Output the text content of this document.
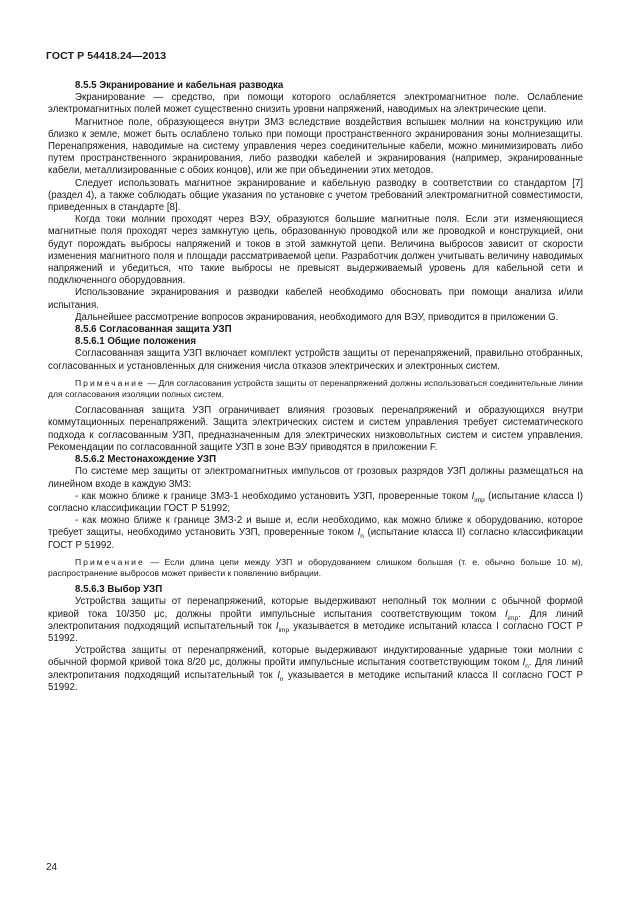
ГОСТ Р 54418.24—2013

8.5.5 Экранирование и кабельная разводка

Экранирование — средство, при помощи которого ослабляется электромагнитное поле. Ослабление электромагнитных полей может существенно снизить уровни напряжений, наводимых на электрические цепи.

Магнитное поле, образующееся внутри ЗМЗ вследствие воздействия вспышек молнии на конструкцию или близко к земле, может быть ослаблено только при помощи пространственного экранирования зоны молниезащиты. Перенапряжения, наводимые на систему управления через соединительные кабели, можно минимизировать либо путем пространственного экранирования, либо разводки кабелей и экранирования (например, экранированные кабели, металлизированные с обоих концов), или же при объединении этих методов.

Следует использовать магнитное экранирование и кабельную разводку в соответствии со стандартом [7] (раздел 4), а также соблюдать общие указания по установке с учетом требований электромагнитной совместимости, приведенных в стандарте [8].

Когда токи молнии проходят через ВЭУ, образуются большие магнитные поля. Если эти изменяющиеся магнитные поля проходят через замкнутую цепь, образованную проводкой или же проводкой и конструкцией, они будут порождать выбросы напряжений и токов в этой замкнутой цепи. Величина выбросов зависит от скорости изменения магнитного поля и площади рассматриваемой цепи. Разработчик должен учитывать величину наводимых напряжений и убедиться, что такие выбросы не превысят выдерживаемый уровень для кабельной сети и подключенного оборудования.

Использование экранирования и разводки кабелей необходимо обосновать при помощи анализа и/или испытания.

Дальнейшее рассмотрение вопросов экранирования, необходимого для ВЭУ, приводится в приложении G.

8.5.6 Согласованная защита УЗП

8.5.6.1 Общие положения

Согласованная защита УЗП включает комплект устройств защиты от перенапряжений, правильно отобранных, согласованных и установленных для снижения числа отказов электрических и электронных систем.

Примечание — Для согласования устройств защиты от перенапряжений должны использоваться соединительные линии для согласования изоляции полных систем.

Согласованная защита УЗП ограничивает влияния грозовых перенапряжений и образующихся внутри коммутационных перенапряжений. Защита электрических систем и систем управления требует систематического подхода к согласованным УЗП, предназначенным для электрических низковольтных систем и систем управления. Рекомендации по согласованной защите УЗП в зоне ВЭУ приводятся в приложении F.

8.5.6.2 Местонахождение УЗП

По системе мер защиты от электромагнитных импульсов от грозовых разрядов УЗП должны размещаться на линейном входе в каждую ЗМЗ:

- как можно ближе к границе ЗМЗ-1 необходимо установить УЗП, проверенные током $I_{imp}$ (испытание класса I) согласно классификации ГОСТ Р 51992;

- как можно ближе к границе ЗМЗ-2 и выше и, если необходимо, как можно ближе к оборудованию, которое требует защиты, необходимо установить УЗП, проверенные током $I_n$ (испытание класса II) согласно классификации ГОСТ Р 51992.

Примечание — Если длина цепи между УЗП и оборудованием слишком большая (т. е. обычно больше 10 м), распространение выбросов может привести к появлению вибрации.

8.5.6.3 Выбор УЗП

Устройства защиты от перенапряжений, которые выдерживают неполный ток молнии с обычной формой кривой тока 10/350 μс, должны пройти импульсные испытания соответствующим током $I_{imp}$. Для линий электропитания подходящий испытательный ток $I_{imp}$ указывается в методике испытаний класса I согласно ГОСТ Р 51992.

Устройства защиты от перенапряжений, которые выдерживают индуктированные ударные токи молнии с обычной формой кривой тока 8/20 μс, должны пройти импульсные испытания соответствующим током $I_n$. Для линий электропитания подходящий испытательный ток $I_n$ указывается в методике испытаний класса II согласно ГОСТ Р 51992.

24
